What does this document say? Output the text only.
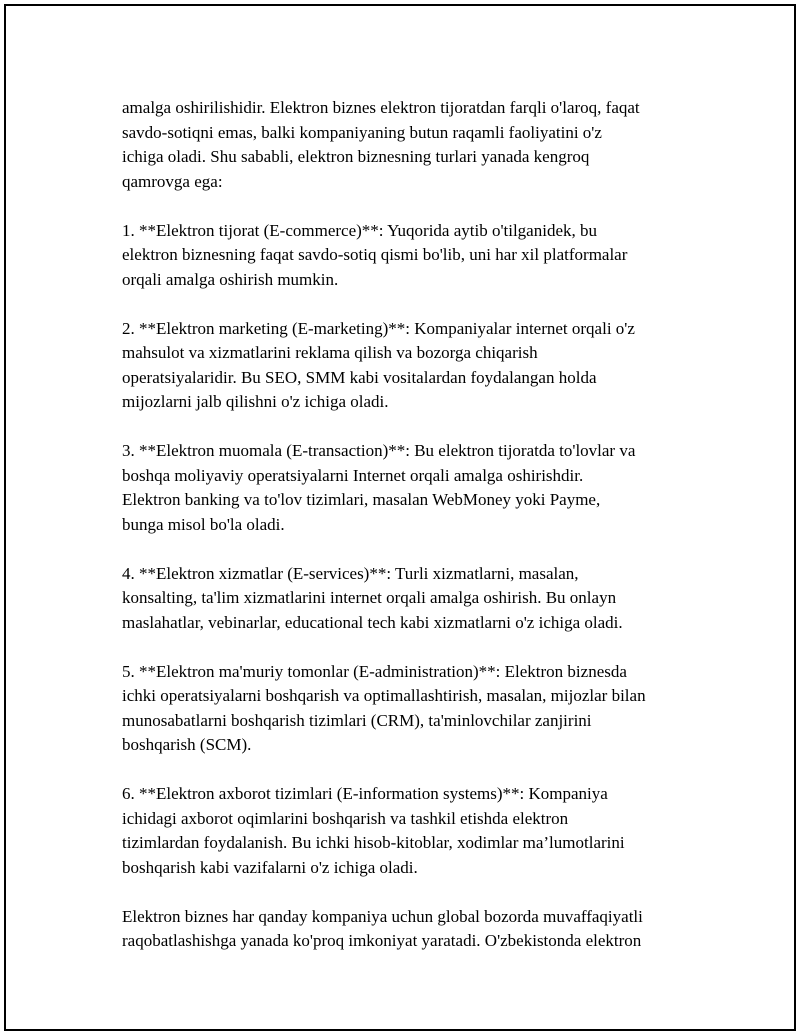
amalga oshirilishidir. Elektron biznes elektron tijoratdan farqli o'laroq, faqat
savdo-sotiqni emas, balki kompaniyaning butun raqamli faoliyatini o'z
ichiga oladi. Shu sababli, elektron biznesning turlari yanada kengroq
qamrovga ega:

1. **Elektron tijorat (E-commerce)**: Yuqorida aytib o'tilganidek, bu
elektron biznesning faqat savdo-sotiq qismi bo'lib, uni har xil platformalar
orqali amalga oshirish mumkin.

2. **Elektron marketing (E-marketing)**: Kompaniyalar internet orqali o'z
mahsulot va xizmatlarini reklama qilish va bozorga chiqarish
operatsiyalaridir. Bu SEO, SMM kabi vositalardan foydalangan holda
mijozlarni jalb qilishni o'z ichiga oladi.

3. **Elektron muomala (E-transaction)**: Bu elektron tijoratda to'lovlar va
boshqa moliyaviy operatsiyalarni Internet orqali amalga oshirishdir.
Elektron banking va to'lov tizimlari, masalan WebMoney yoki Payme,
bunga misol bo'la oladi.

4. **Elektron xizmatlar (E-services)**: Turli xizmatlarni, masalan,
konsalting, ta'lim xizmatlarini internet orqali amalga oshirish. Bu onlayn
maslahatlar, vebinarlar, educational tech kabi xizmatlarni o'z ichiga oladi.

5. **Elektron ma'muriy tomonlar (E-administration)**: Elektron biznesda
ichki operatsiyalarni boshqarish va optimallashtirish, masalan, mijozlar bilan
munosabatlarni boshqarish tizimlari (CRM), ta'minlovchilar zanjirini
boshqarish (SCM).

6. **Elektron axborot tizimlari (E-information systems)**: Kompaniya
ichidagi axborot oqimlarini boshqarish va tashkil etishda elektron
tizimlardan foydalanish. Bu ichki hisob-kitoblar, xodimlar ma’lumotlarini
boshqarish kabi vazifalarni o'z ichiga oladi.

Elektron biznes har qanday kompaniya uchun global bozorda muvaffaqiyatli
raqobatlashishga yanada ko'proq imkoniyat yaratadi. O'zbekistonda elektron
